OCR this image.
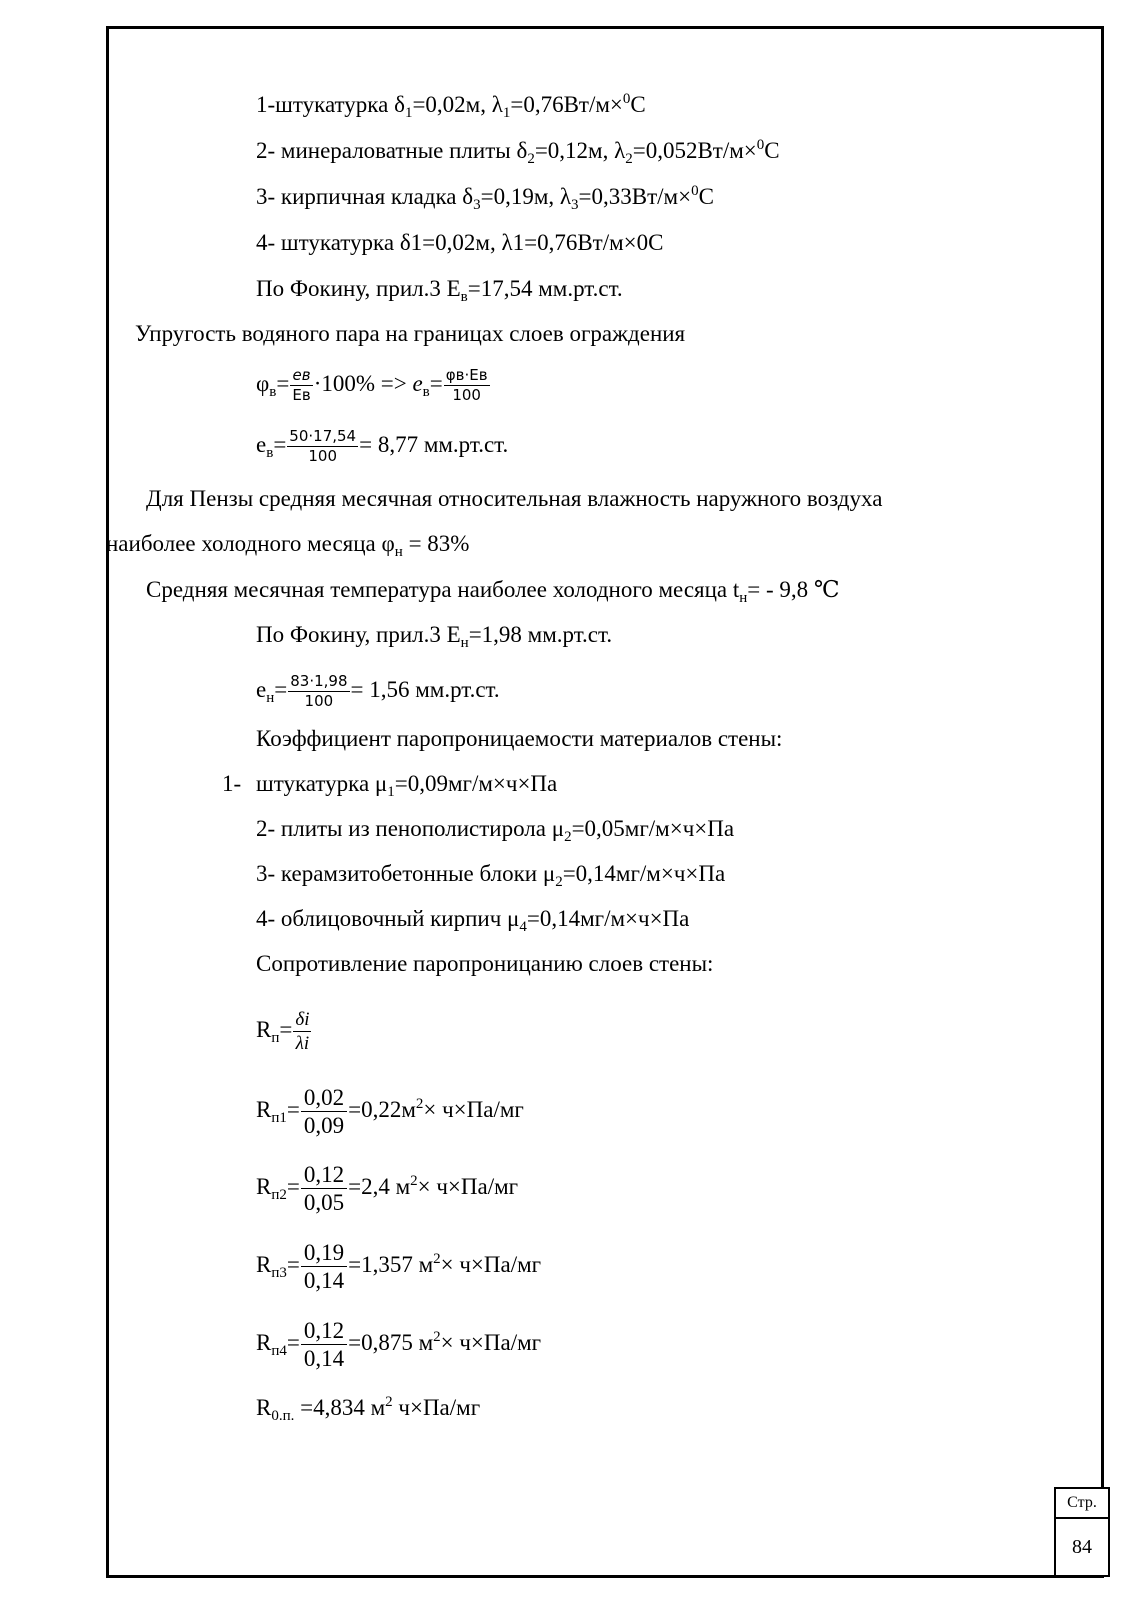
1-штукатурка $\delta_1=0,02м$, $\lambda_1=0,76Вт/м\times^0С$
2- минераловатные плиты $\delta_2=0,12м$, $\lambda_2=0,052Вт/м\times^0С$
3- кирпичная кладка $\delta_3=0,19м$, $\lambda_3=0,33Вт/м\times^0С$
4- штукатурка δ1=0,02м, λ1=0,76Вт/м×0С
По Фокину, прил.3 $Е_в=17,54$ мм.рт.ст.
Упругость водяного пара на границах слоев ограждения
$\varphi_в= \frac{eв}{Ев} \cdot 100\% => e_в= \frac{\varphi в\cdot Ев}{100}$
$e_в= \frac{50\cdot 17,54}{100} = 8,77$ мм.рт.ст.
Для Пензы средняя месячная относительная влажность наружного воздуха
наиболее холодного месяца $\varphi_н = 83\%$
Средняя месячная температура наиболее холодного месяца $t_н= - 9,8$ ℃
По Фокину, прил.3 $Е_н=1,98$ мм.рт.ст.
$e_н= \frac{83\cdot 1,98}{100} = 1,56$ мм.рт.ст.
Коэффициент паропроницаемости материалов стены:
1- штукатурка $\mu_1=0,09мг/м\times ч\times Па$
2- плиты из пенополистирола $\mu_2=0,05мг/м\times ч\times Па$
3- керамзитобетонные блоки $\mu_2=0,14мг/м\times ч\times Па$
4- облицовочный кирпич $\mu_4=0,14мг/м\times ч\times Па$
Сопротивление паропроницанию слоев стены:
$R_п= \frac{\delta i}{\lambda i}$
$R_{п1}= \frac{0,02}{0,09} =0,22м^2\times ч\times Па/мг$
$R_{п2}= \frac{0,12}{0,05} =2,4$ $м^2\times ч\times Па/мг$
$R_{п3}= \frac{0,19}{0,14} =1,357$ $м^2\times ч\times Па/мг$
$R_{п4}= \frac{0,12}{0,14} =0,875$ $м^2\times ч\times Па/мг$
$R_{0.п.} =4,834$ $м^2$ ч×Па/мг
Стр.
84
